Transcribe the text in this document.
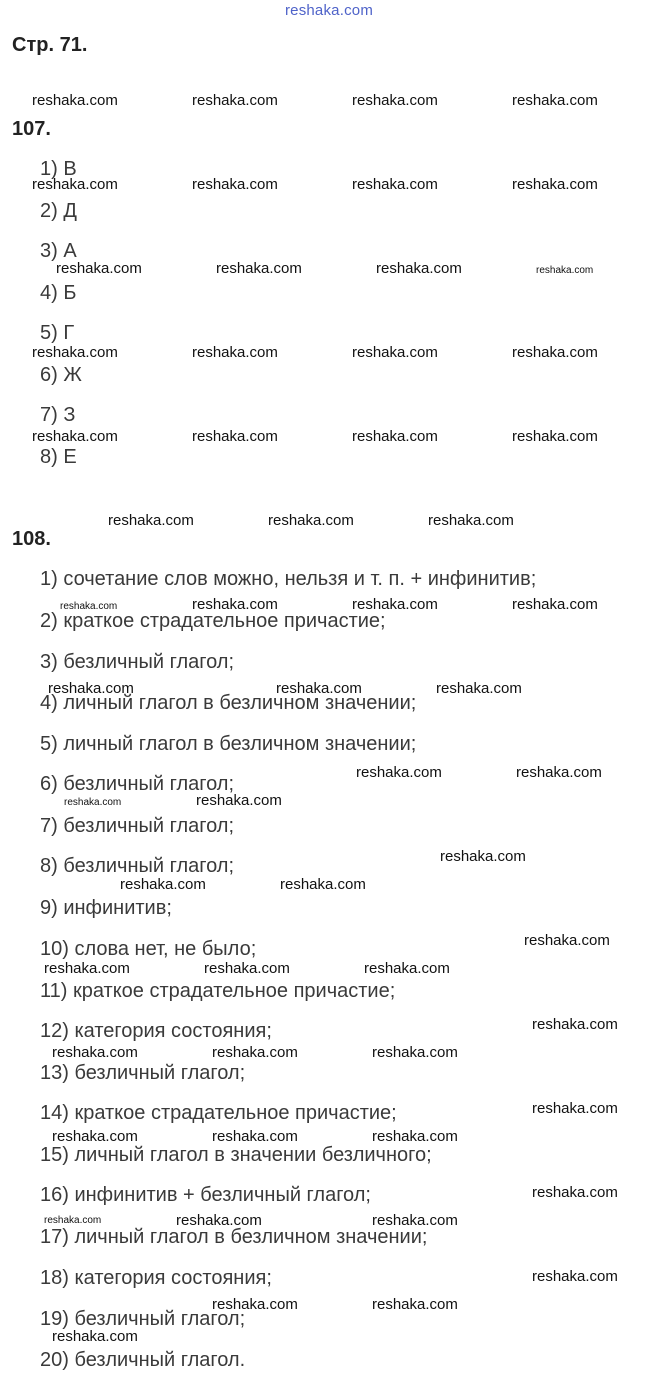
reshaka.com
Стр. 71.
107.
1) В
2) Д
3) А
4) Б
5) Г
6) Ж
7) З
8) Е
108.
1) сочетание слов можно, нельзя и т. п. + инфинитив;
2) краткое страдательное причастие;
3) безличный глагол;
4) личный глагол в безличном значении;
5) личный глагол в безличном значении;
6) безличный глагол;
7) безличный глагол;
8) безличный глагол;
9) инфинитив;
10) слова нет, не было;
11) краткое страдательное причастие;
12) категория состояния;
13) безличный глагол;
14) краткое страдательное причастие;
15) личный глагол в значении безличного;
16) инфинитив + безличный глагол;
17) личный глагол в безличном значении;
18) категория состояния;
19) безличный глагол;
20) безличный глагол.
reshaka.com	reshaka.com	reshaka.com	reshaka.com
reshaka.com	reshaka.com	reshaka.com	reshaka.com
reshaka.com	reshaka.com	reshaka.com	reshaka.com
reshaka.com	reshaka.com	reshaka.com	reshaka.com
reshaka.com	reshaka.com	reshaka.com	reshaka.com
reshaka.com	reshaka.com	reshaka.com
reshaka.com	reshaka.com	reshaka.com	reshaka.com
reshaka.com	reshaka.com	reshaka.com
reshaka.com	reshaka.com
reshaka.com	reshaka.com
reshaka.com
reshaka.com	reshaka.com
reshaka.com
reshaka.com	reshaka.com	reshaka.com
reshaka.com
reshaka.com	reshaka.com	reshaka.com
reshaka.com
reshaka.com	reshaka.com	reshaka.com
reshaka.com
reshaka.com	reshaka.com	reshaka.com
reshaka.com
reshaka.com	reshaka.com
reshaka.com
